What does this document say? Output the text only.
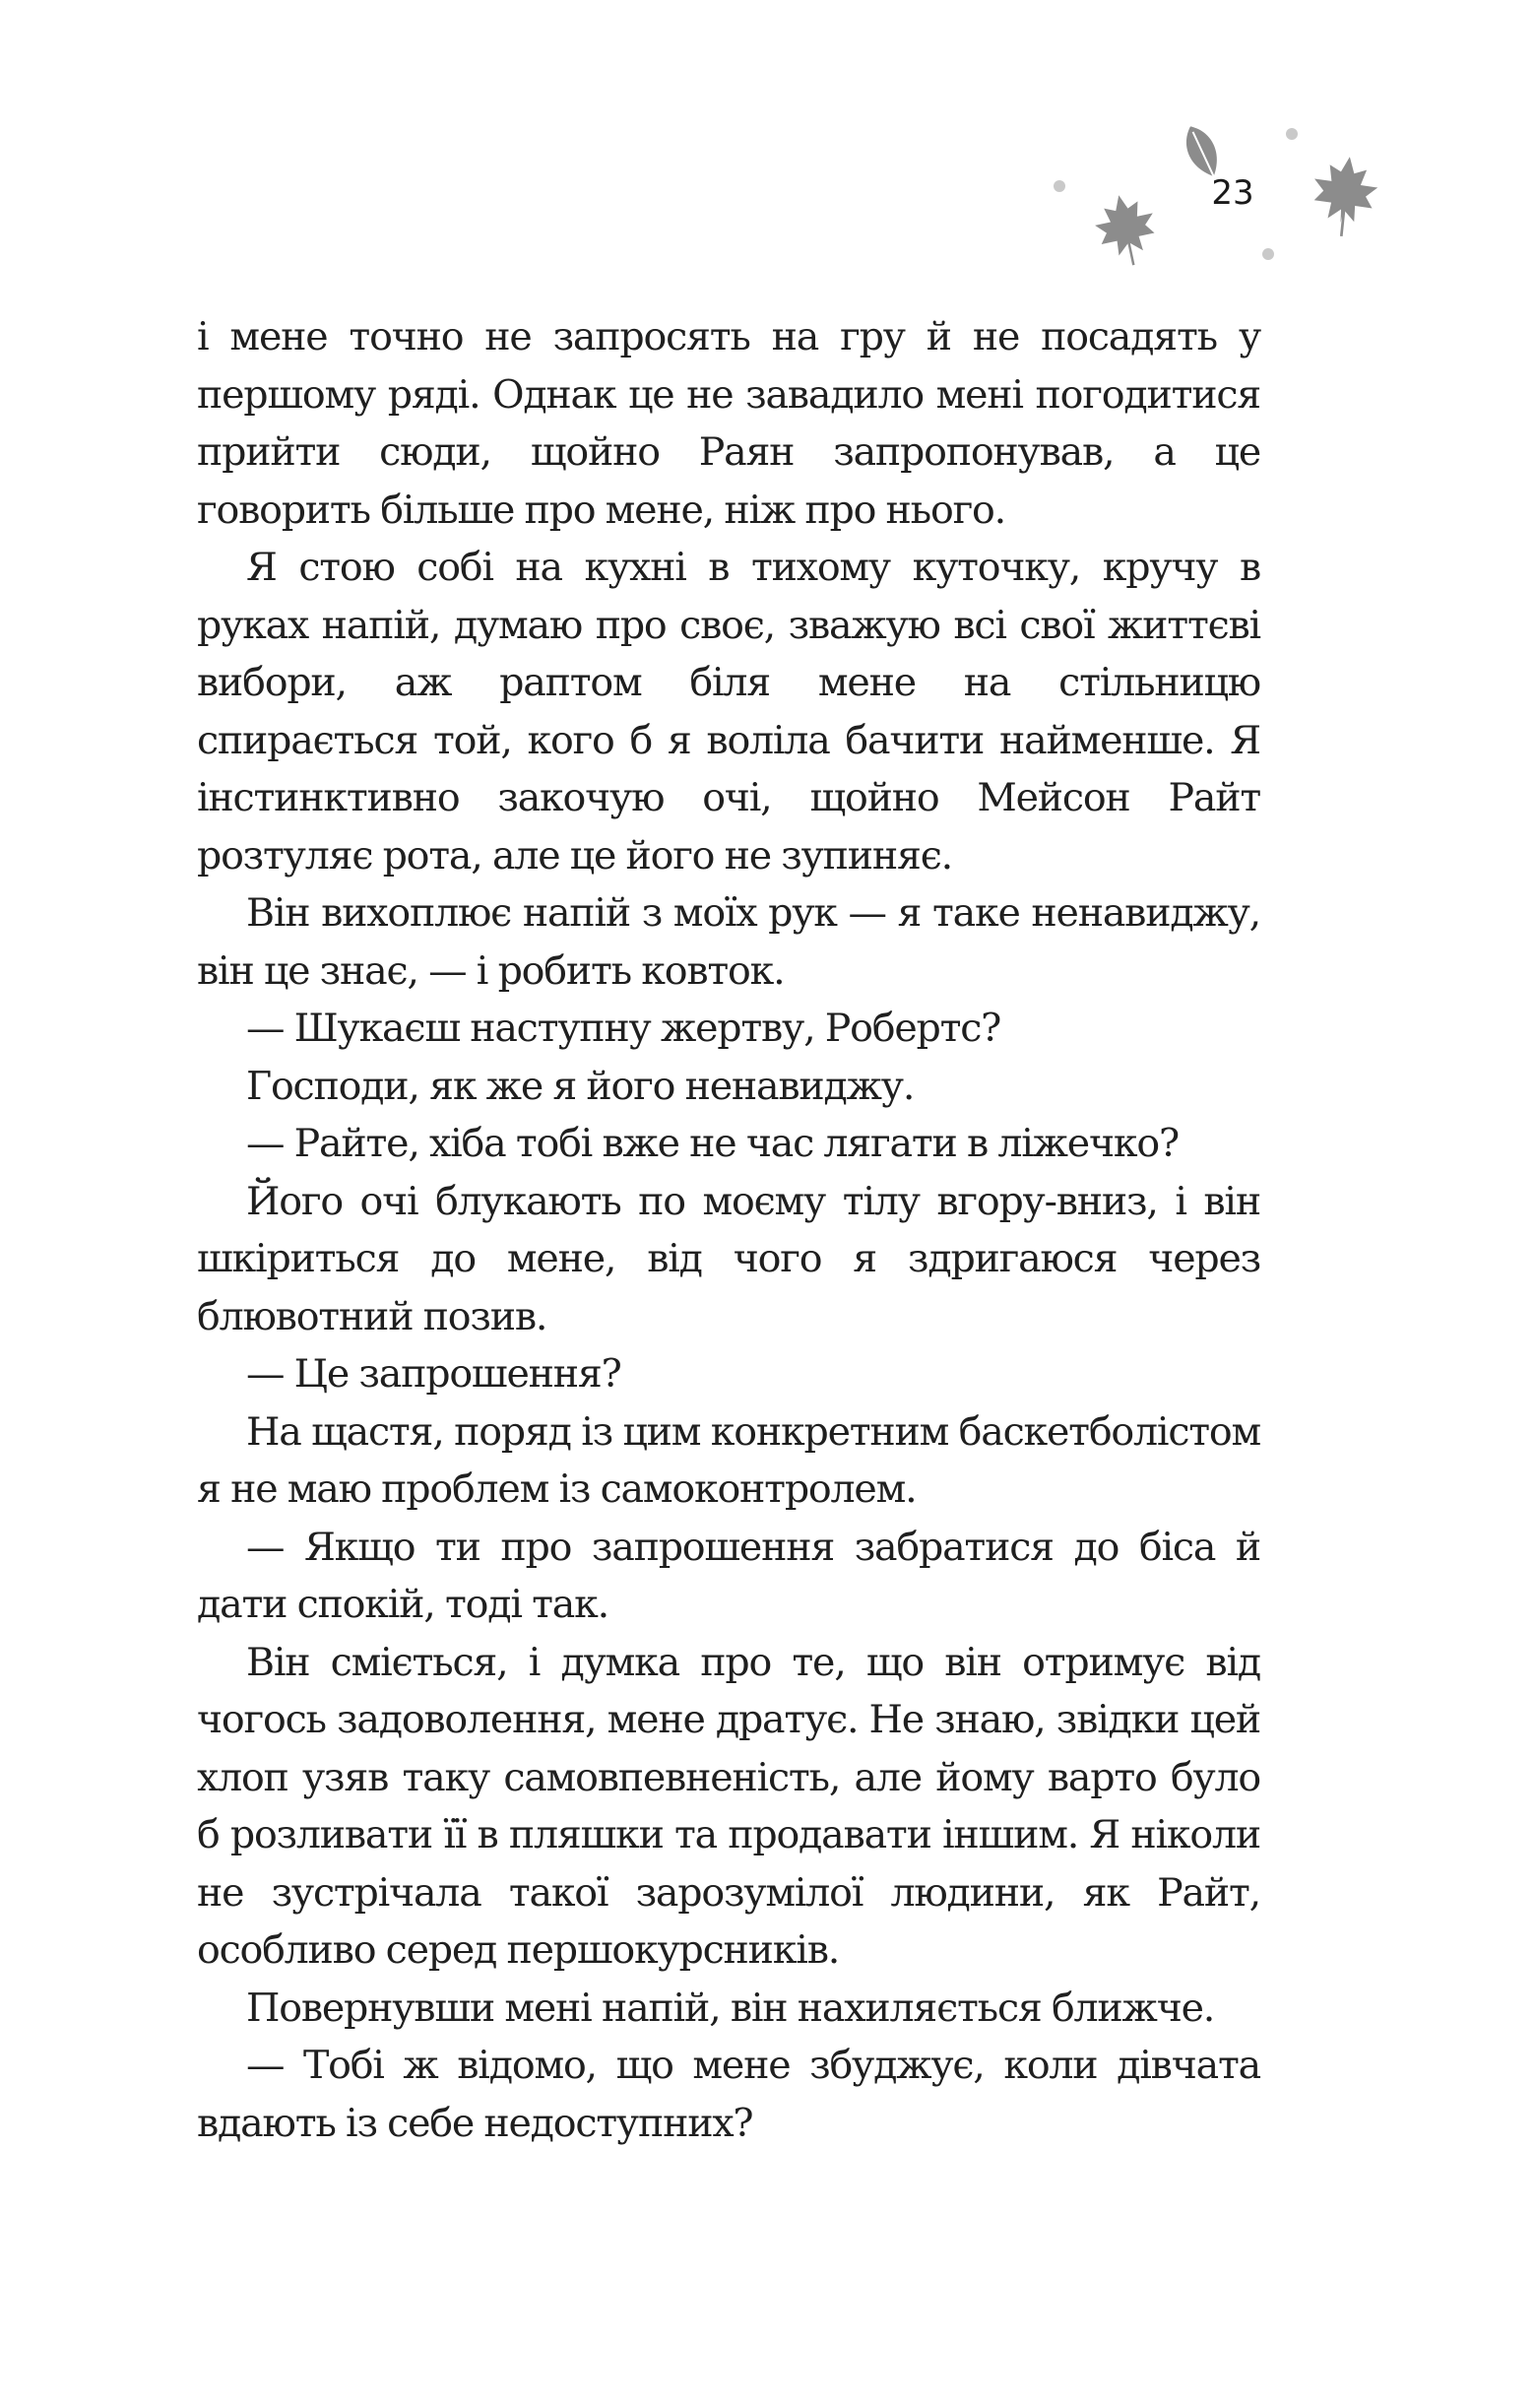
23

і мене точно не запросять на гру й не посадять у першому ряді. Однак це не завадило мені погодитися прийти сюди, щойно Раян запропонував, а це говорить більше про мене, ніж про нього.

Я стою собі на кухні в тихому куточку, кручу в руках напій, думаю про своє, зважую всі свої життєві вибори, аж раптом біля мене на стільницю спирається той, кого б я воліла бачити найменше. Я інстинктивно закочую очі, щойно Мейсон Райт розтуляє рота, але це його не зупиняє.

Він вихоплює напій з моїх рук — я таке ненавиджу, він це знає, — і робить ковток.

— Шукаєш наступну жертву, Робертс?

Господи, як же я його ненавиджу.

— Райте, хіба тобі вже не час лягати в ліжечко?

Його очі блукають по моєму тілу вгору-вниз, і він шкіриться до мене, від чого я здригаюся через блювотний позив.

— Це запрошення?

На щастя, поряд із цим конкретним баскетболістом я не маю проблем із самоконтролем.

— Якщо ти про запрошення забратися до біса й дати спокій, тоді так.

Він сміється, і думка про те, що він отримує від чогось задоволення, мене дратує. Не знаю, звідки цей хлоп узяв таку самовпевненість, але йому варто було б розливати її в пляшки та продавати іншим. Я ніколи не зустрічала такої зарозумілої людини, як Райт, особливо серед першокурсників.

Повернувши мені напій, він нахиляється ближче.

— Тобі ж відомо, що мене збуджує, коли дівчата вдають із себе недоступних?
